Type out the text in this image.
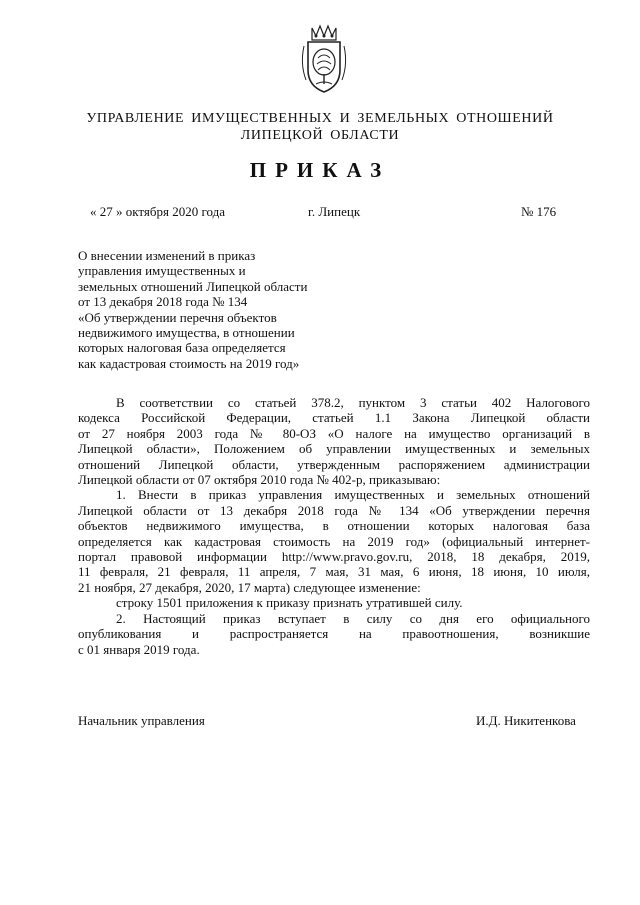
УПРАВЛЕНИЕ ИМУЩЕСТВЕННЫХ И ЗЕМЕЛЬНЫХ ОТНОШЕНИЙ
ЛИПЕЦКОЙ ОБЛАСТИ
ПРИКАЗ
« 27 » октября 2020 года	г. Липецк	№ 176
О внесении изменений в приказ
управления имущественных и
земельных отношений Липецкой области
от 13 декабря 2018 года № 134
«Об утверждении перечня объектов
недвижимого имущества, в отношении
которых налоговая база определяется
как кадастровая стоимость на 2019 год»
В соответствии со статьей 378.2, пунктом 3 статьи 402 Налогового
кодекса Российской Федерации, статьей 1.1 Закона Липецкой области
от 27 ноября 2003 года № 80-ОЗ «О налоге на имущество организаций в
Липецкой области», Положением об управлении имущественных и земельных
отношений Липецкой области, утвержденным распоряжением администрации
Липецкой области от 07 октября 2010 года № 402-р, приказываю:
1. Внести в приказ управления имущественных и земельных отношений
Липецкой области от 13 декабря 2018 года № 134 «Об утверждении перечня
объектов недвижимого имущества, в отношении которых налоговая база
определяется как кадастровая стоимость на 2019 год» (официальный интернет-
портал правовой информации http://www.pravo.gov.ru, 2018, 18 декабря, 2019,
11 февраля, 21 февраля, 11 апреля, 7 мая, 31 мая, 6 июня, 18 июня, 10 июля,
21 ноября, 27 декабря, 2020, 17 марта) следующее изменение:
строку 1501 приложения к приказу признать утратившей силу.
2. Настоящий приказ вступает в силу со дня его официального
опубликования и распространяется на правоотношения, возникшие
с 01 января 2019 года.
Начальник управления	И.Д. Никитенкова
